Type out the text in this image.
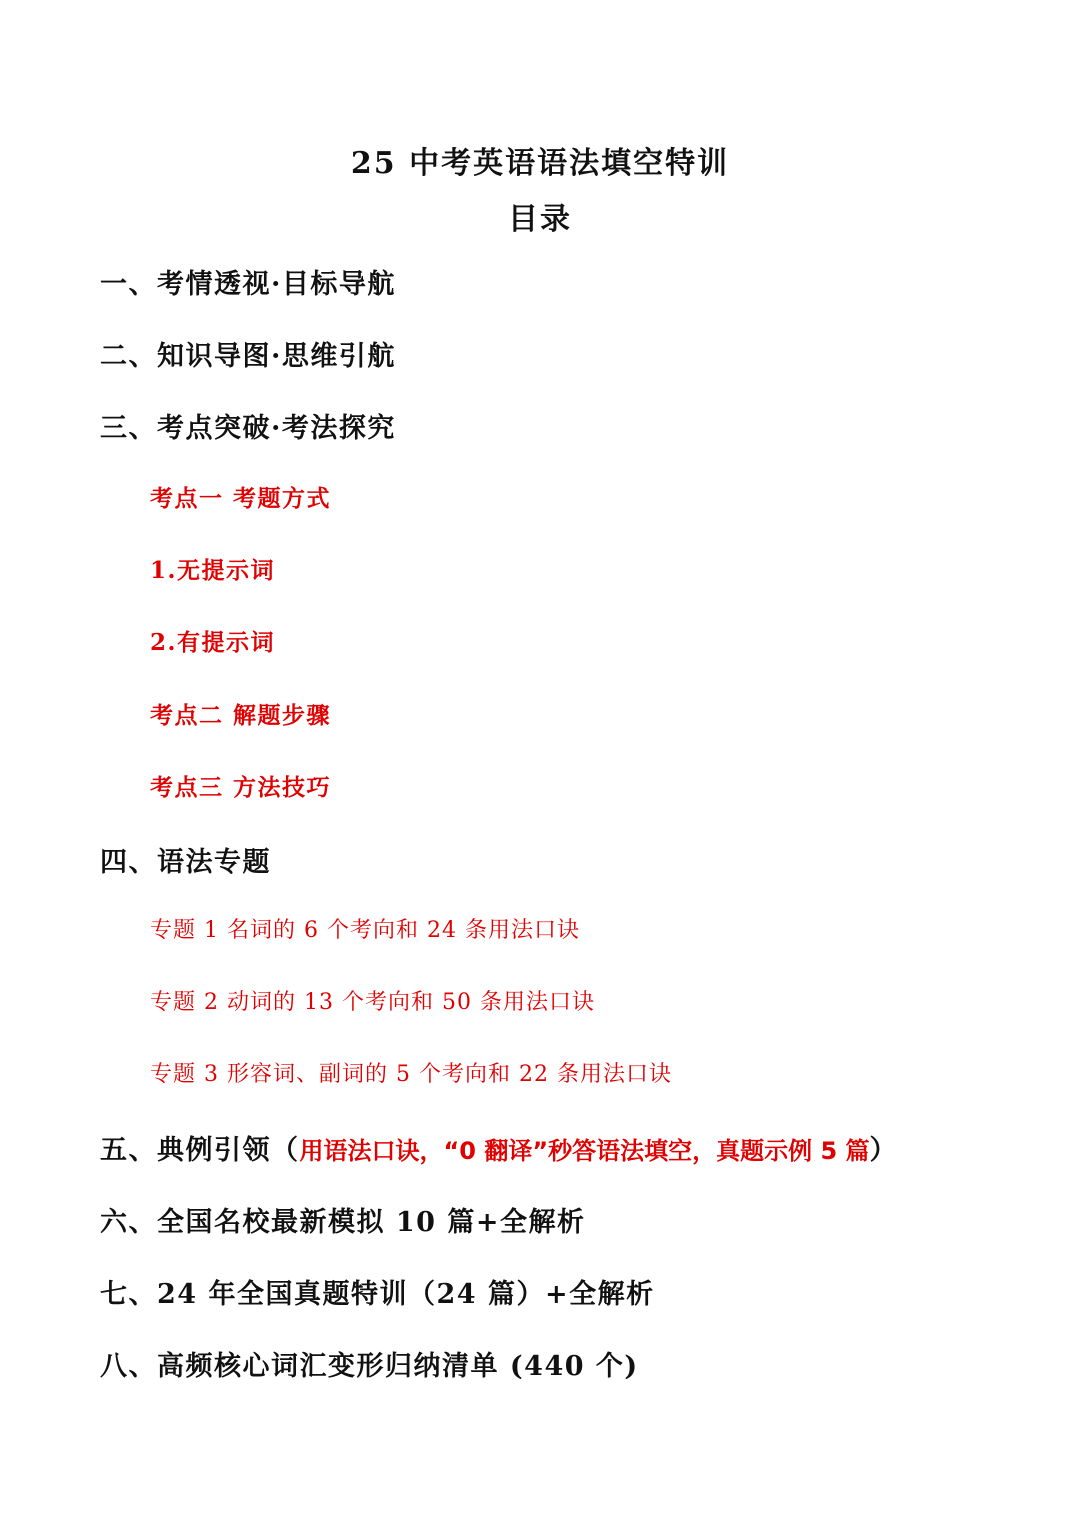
25 中考英语语法填空特训
目录
一、考情透视·目标导航
二、知识导图·思维引航
三、考点突破·考法探究
考点一 考题方式
1.无提示词
2.有提示词
考点二 解题步骤
考点三 方法技巧
四、语法专题
专题 1 名词的 6 个考向和 24 条用法口诀
专题 2 动词的 13 个考向和 50 条用法口诀
专题 3 形容词、副词的 5 个考向和 22 条用法口诀
五、典例引领（用语法口诀，“0 翻译”秒答语法填空，真题示例 5 篇）
六、全国名校最新模拟 10 篇+全解析
七、24 年全国真题特训（24 篇）+全解析
八、高频核心词汇变形归纳清单 (440 个)
